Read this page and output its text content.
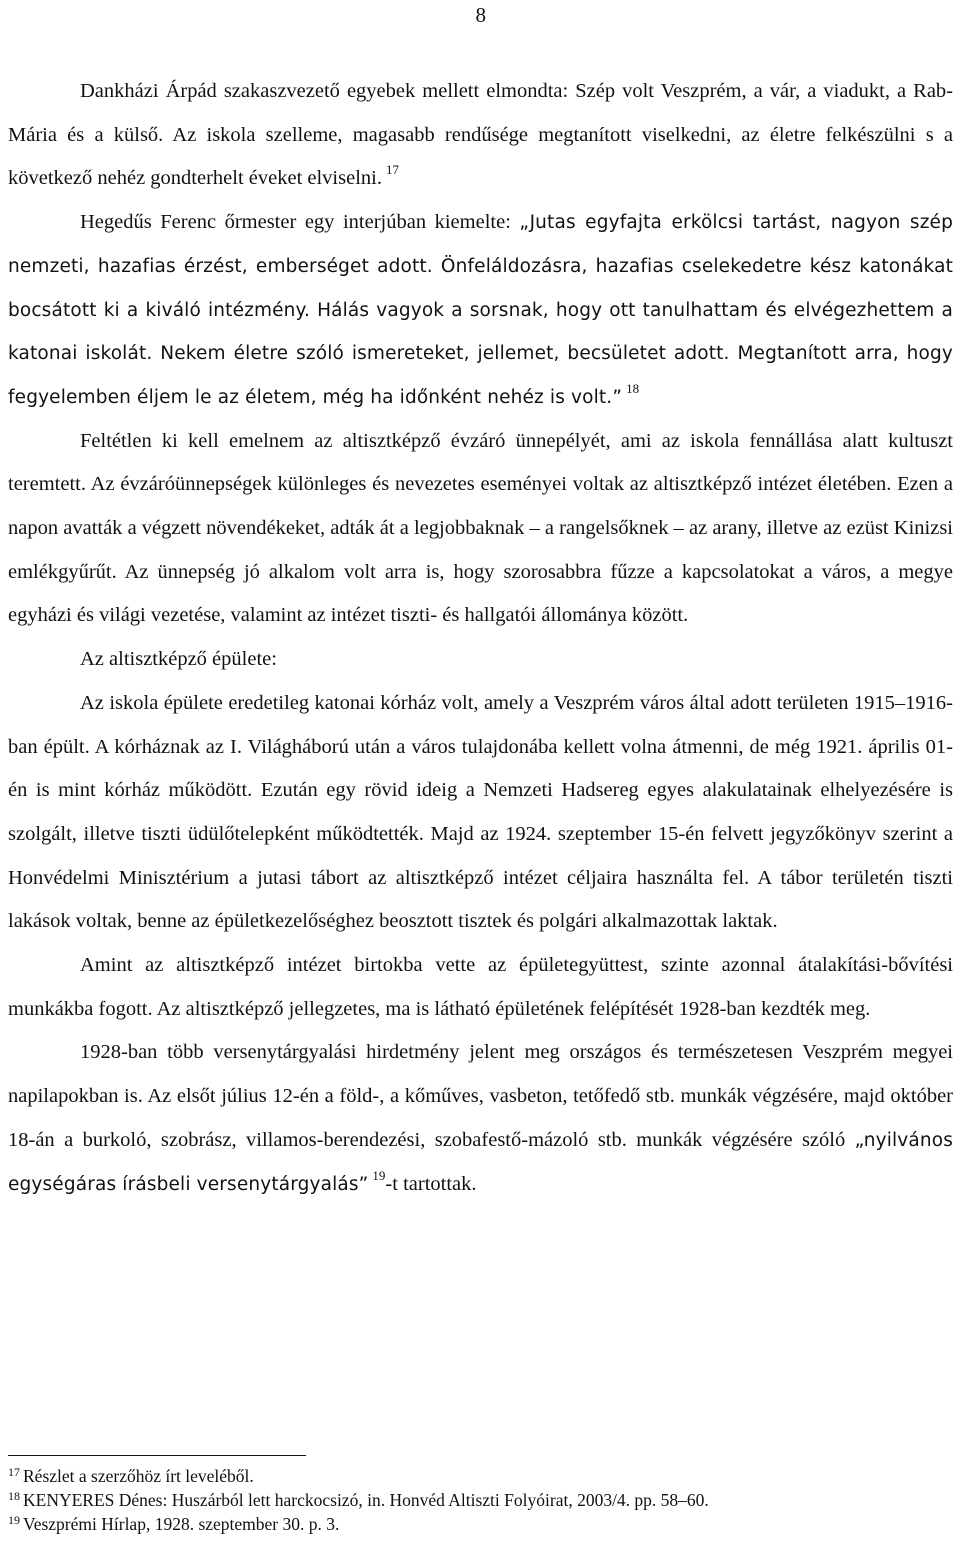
8

Dankházi Árpád szakaszvezető egyebek mellett elmondta: Szép volt Veszprém, a vár, a viadukt, a Rab-Mária és a külső. Az iskola szelleme, magasabb rendűsége megtanított viselkedni, az életre felkészülni s a következő nehéz gondterhelt éveket elviselni. $^{17}$

Hegedűs Ferenc őrmester egy interjúban kiemelte: „Jutas egyfajta erkölcsi tartást, nagyon szép nemzeti, hazafias érzést, emberséget adott. Önfeláldozásra, hazafias cselekedetre kész katonákat bocsátott ki a kiváló intézmény. Hálás vagyok a sorsnak, hogy ott tanulhattam és elvégezhettem a katonai iskolát. Nekem életre szóló ismereteket, jellemet, becsületet adott. Megtanított arra, hogy fegyelemben éljem le az életem, még ha időnként nehéz is volt.” $^{18}$

Feltétlen ki kell emelnem az altisztképző évzáró ünnepélyét, ami az iskola fennállása alatt kultuszt teremtett. Az évzáróünnepségek különleges és nevezetes eseményei voltak az altisztképző intézet életében. Ezen a napon avatták a végzett növendékeket, adták át a legjobbaknak – a rangelsőknek – az arany, illetve az ezüst Kinizsi emlékgyűrűt. Az ünnepség jó alkalom volt arra is, hogy szorosabbra fűzze a kapcsolatokat a város, a megye egyházi és világi vezetése, valamint az intézet tiszti- és hallgatói állománya között.

Az altisztképző épülete:

Az iskola épülete eredetileg katonai kórház volt, amely a Veszprém város által adott területen 1915–1916-ban épült. A kórháznak az I. Világháború után a város tulajdonába kellett volna átmenni, de még 1921. április 01-én is mint kórház működött. Ezután egy rövid ideig a Nemzeti Hadsereg egyes alakulatainak elhelyezésére is szolgált, illetve tiszti üdülőtelepként működtették. Majd az 1924. szeptember 15-én felvett jegyzőkönyv szerint a Honvédelmi Minisztérium a jutasi tábort az altisztképző intézet céljaira használta fel. A tábor területén tiszti lakások voltak, benne az épületkezelőséghez beosztott tisztek és polgári alkalmazottak laktak.

Amint az altisztképző intézet birtokba vette az épületegyüttest, szinte azonnal átalakítási-bővítési munkákba fogott. Az altisztképző jellegzetes, ma is látható épületének felépítését 1928-ban kezdték meg.

1928-ban több versenytárgyalási hirdetmény jelent meg országos és természetesen Veszprém megyei napilapokban is. Az elsőt július 12-én a föld-, a kőműves, vasbeton, tetőfedő stb. munkák végzésére, majd október 18-án a burkoló, szobrász, villamos-berendezési, szobafestő-mázoló stb. munkák végzésére szóló „nyilvános egységáras írásbeli versenytárgyalás” $^{19}$-t tartottak.

$^{17}$ Részlet a szerzőhöz írt leveléből.
$^{18}$ KENYERES Dénes: Huszárból lett harckocsizó, in. Honvéd Altiszti Folyóirat, 2003/4. pp. 58–60.
$^{19}$ Veszprémi Hírlap, 1928. szeptember 30. p. 3.
